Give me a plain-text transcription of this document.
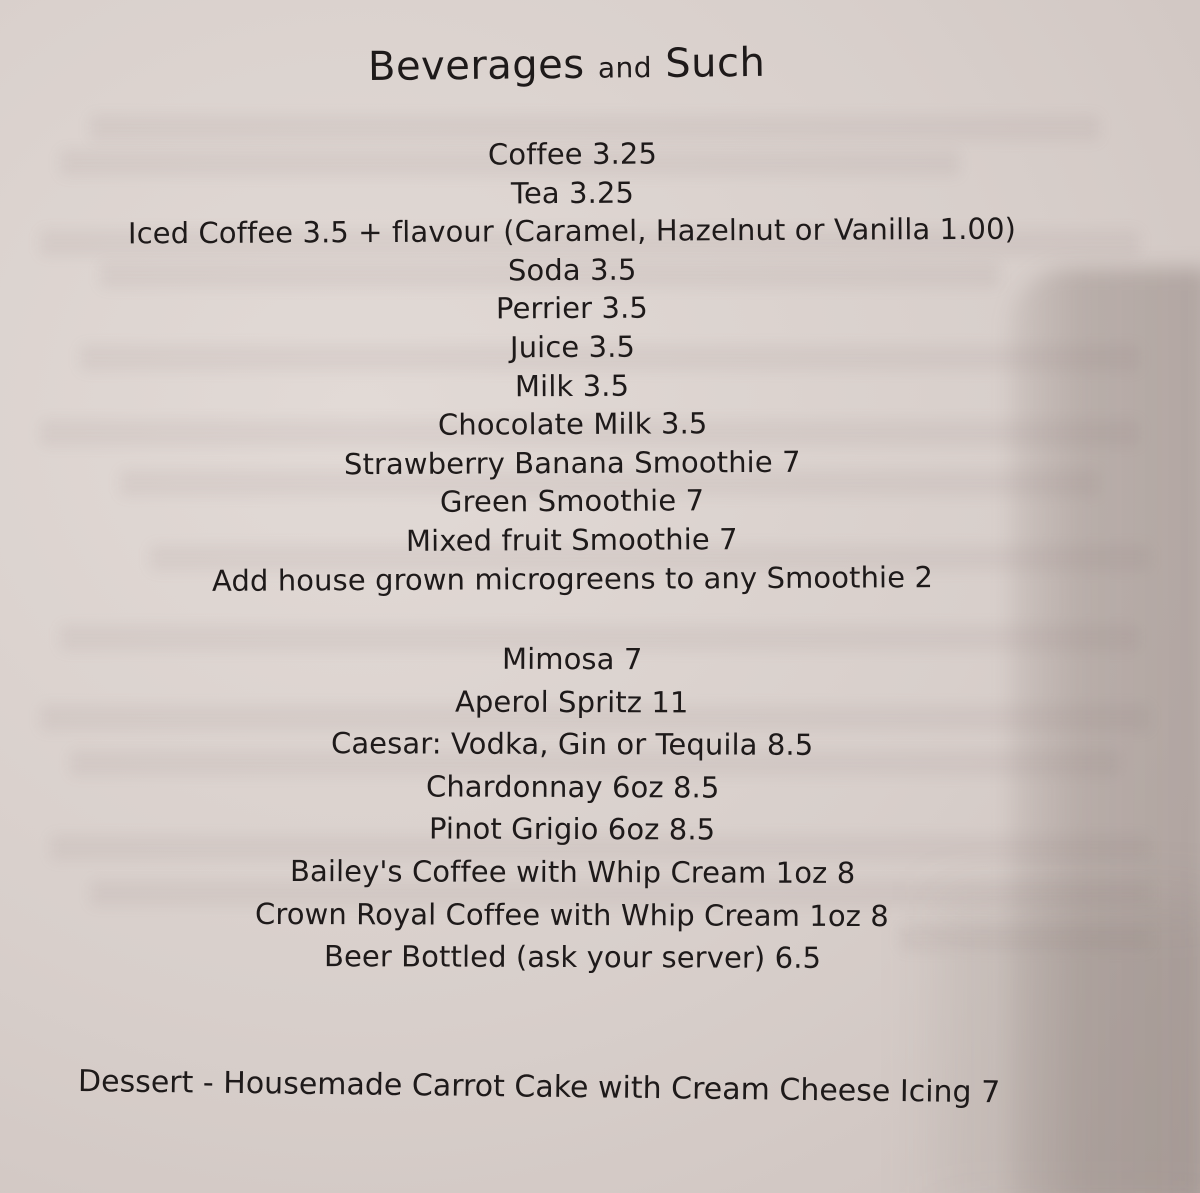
Beverages and Such
Coffee 3.25
Tea 3.25
Iced Coffee 3.5 + flavour (Caramel, Hazelnut or Vanilla 1.00)
Soda 3.5
Perrier 3.5
Juice 3.5
Milk 3.5
Chocolate Milk 3.5
Strawberry Banana Smoothie 7
Green Smoothie 7
Mixed fruit Smoothie 7
Add house grown microgreens to any Smoothie 2
Mimosa 7
Aperol Spritz 11
Caesar: Vodka, Gin or Tequila 8.5
Chardonnay 6oz 8.5
Pinot Grigio 6oz 8.5
Bailey's Coffee with Whip Cream 1oz 8
Crown Royal Coffee with Whip Cream 1oz 8
Beer Bottled (ask your server) 6.5
Dessert - Housemade Carrot Cake with Cream Cheese Icing 7
